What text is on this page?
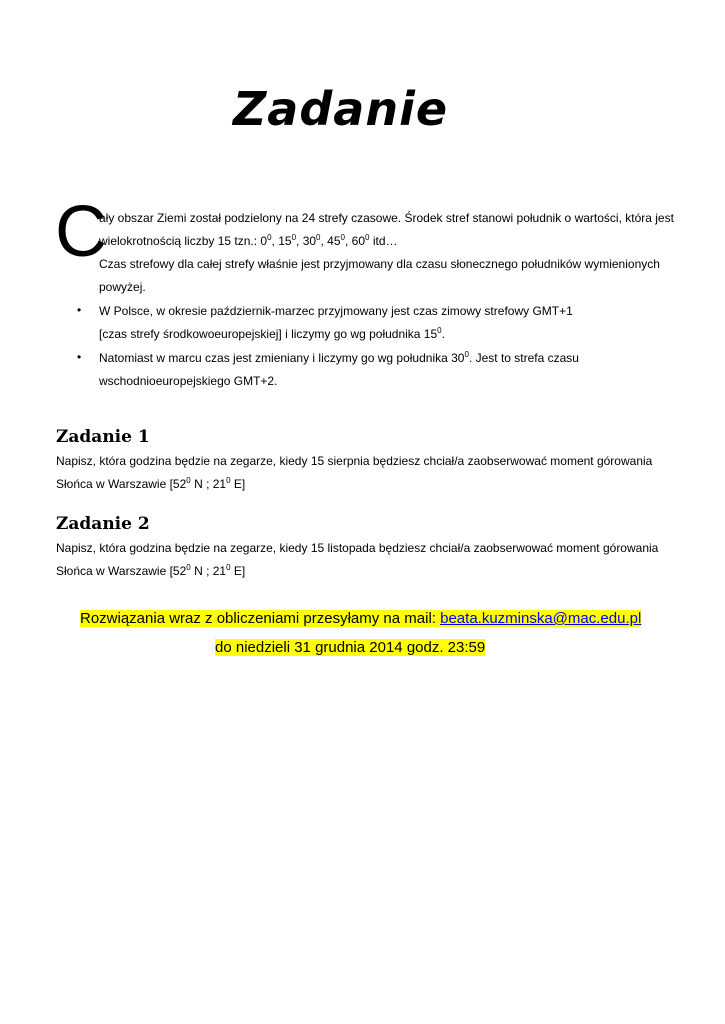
Zadanie
C
ały obszar Ziemi został podzielony na 24 strefy czasowe. Środek stref stanowi południk o wartości, która jest
wielokrotnością liczby 15 tzn.: $0^0$, $15^0$, $30^0$, $45^0$, $60^0$ itd…
Czas strefowy dla całej strefy właśnie jest przyjmowany dla czasu słonecznego południków wymienionych
powyżej.
• W Polsce, w okresie październik-marzec przyjmowany jest czas zimowy strefowy GMT+1
[czas strefy środkowoeuropejskiej] i liczymy go wg południka $15^0$.
• Natomiast w marcu czas jest zmieniany i liczymy go wg południka $30^0$. Jest to strefa czasu
wschodnioeuropejskiego GMT+2.
Zadanie 1
Napisz, która godzina będzie na zegarze, kiedy 15 sierpnia będziesz chciał/a zaobserwować moment górowania
Słońca w Warszawie [$52^0$ N ; $21^0$ E]
Zadanie 2
Napisz, która godzina będzie na zegarze, kiedy 15 listopada będziesz chciał/a zaobserwować moment górowania
Słońca w Warszawie [$52^0$ N ; $21^0$ E]
Rozwiązania wraz z obliczeniami przesyłamy na mail: beata.kuzminska@mac.edu.pl
do niedzieli 31 grudnia 2014 godz. 23:59
